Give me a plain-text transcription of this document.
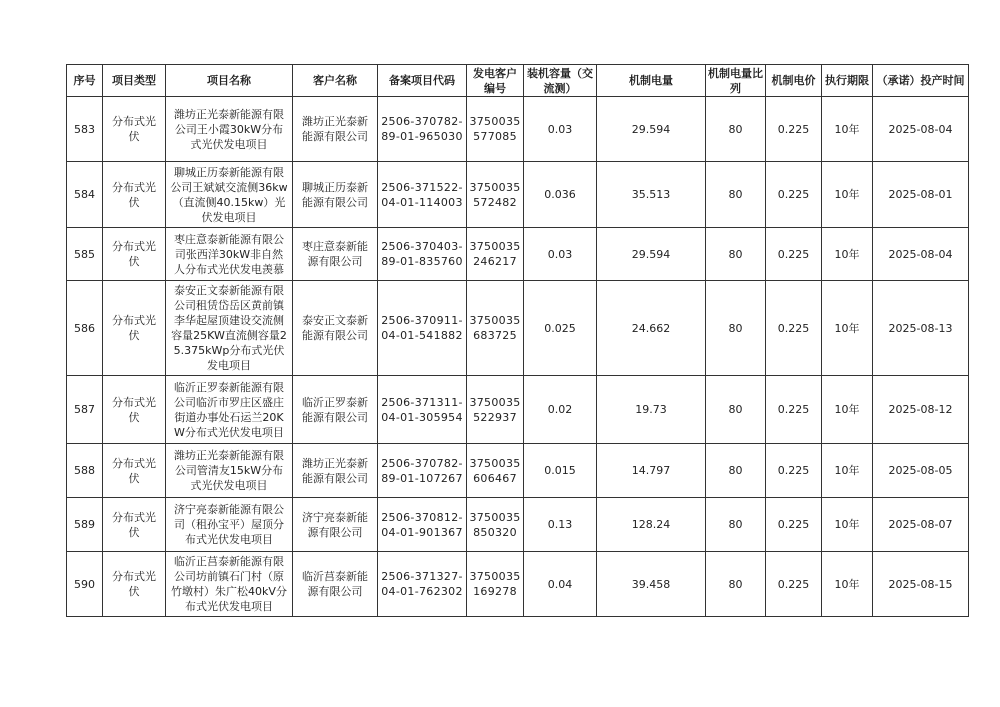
序号	项目类型	项目名称	客户名称	备案项目代码	发电客户编号	装机容量（交流测）	机制电量	机制电量比列	机制电价	执行期限	（承诺）投产时间
583	分布式光伏	潍坊正光泰新能源有限公司王小霞30kW分布式光伏发电项目	潍坊正光泰新能源有限公司	2506-370782-89-01-965030	3750035577085	0.03	29.594	80	0.225	10年	2025-08-04
584	分布式光伏	聊城正历泰新能源有限公司王斌斌交流侧36kw（直流侧40.15kw）光伏发电项目	聊城正历泰新能源有限公司	2506-371522-04-01-114003	3750035572482	0.036	35.513	80	0.225	10年	2025-08-01
585	分布式光伏	枣庄意泰新能源有限公司张西洋30kW非自然人分布式光伏发电羡慕	枣庄意泰新能源有限公司	2506-370403-89-01-835760	3750035246217	0.03	29.594	80	0.225	10年	2025-08-04
586	分布式光伏	泰安正文泰新能源有限公司租赁岱岳区黄前镇李华起屋顶建设交流侧容量25KW直流侧容量25.375kWp分布式光伏发电项目	泰安正文泰新能源有限公司	2506-370911-04-01-541882	3750035683725	0.025	24.662	80	0.225	10年	2025-08-13
587	分布式光伏	临沂正罗泰新能源有限公司临沂市罗庄区盛庄街道办事处石运兰20KW分布式光伏发电项目	临沂正罗泰新能源有限公司	2506-371311-04-01-305954	3750035522937	0.02	19.73	80	0.225	10年	2025-08-12
588	分布式光伏	潍坊正光泰新能源有限公司管清友15kW分布式光伏发电项目	潍坊正光泰新能源有限公司	2506-370782-89-01-107267	3750035606467	0.015	14.797	80	0.225	10年	2025-08-05
589	分布式光伏	济宁亮泰新能源有限公司（租孙宝平）屋顶分布式光伏发电项目	济宁亮泰新能源有限公司	2506-370812-04-01-901367	3750035850320	0.13	128.24	80	0.225	10年	2025-08-07
590	分布式光伏	临沂正莒泰新能源有限公司坊前镇石门村（原竹墩村）朱广松40kV分布式光伏发电项目	临沂莒泰新能源有限公司	2506-371327-04-01-762302	3750035169278	0.04	39.458	80	0.225	10年	2025-08-15
